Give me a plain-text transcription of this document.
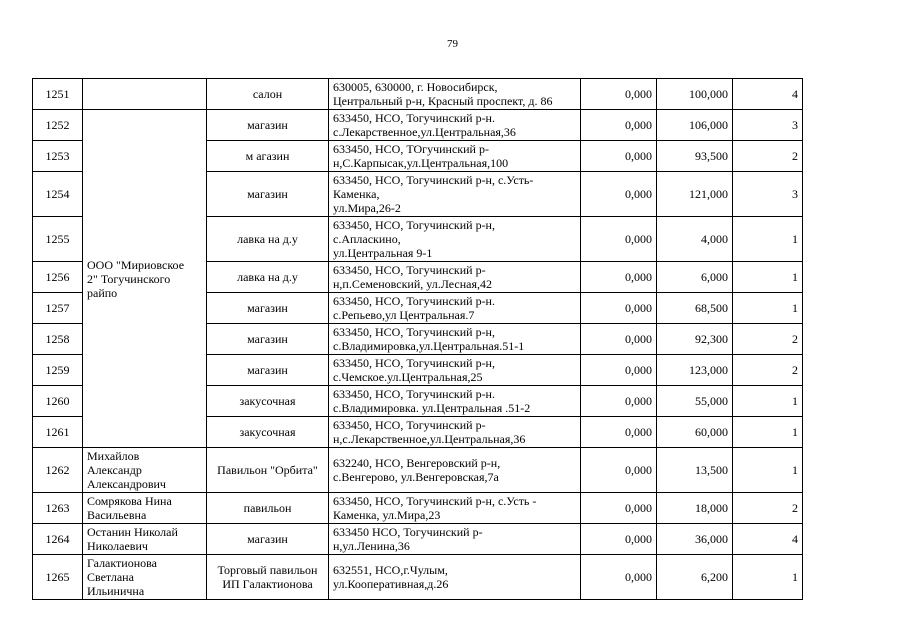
79
1251		салон	630005, 630000, г. Новосибирск,
Центральный р-н, Красный проспект, д. 86	0,000	100,000	4
1252	ООО "Мириовское
2" Тогучинского
райпо	магазин	633450, НСО, Тогучинский р-н.
с.Лекарственное,ул.Центральная,36	0,000	106,000	3
1253		м агазин	633450, НСО, ТОгучинский р-
н,С.Карпысак,ул.Центральная,100	0,000	93,500	2
1254		магазин	633450, НСО, Тогучинский р-н, с.Усть-
Каменка,
ул.Мира,26-2	0,000	121,000	3
1255		лавка на д.у	633450, НСО, Тогучинский р-н,
с.Апласкино,
ул.Центральная 9-1	0,000	4,000	1
1256		лавка на д.у	633450, НСО, Тогучинский р-
н,п.Семеновский, ул.Лесная,42	0,000	6,000	1
1257		магазин	633450, НСО, Тогучинский р-н.
с.Репьево,ул Центральная.7	0,000	68,500	1
1258		магазин	633450, НСО, Тогучинский р-н,
с.Владимировка,ул.Центральная.51-1	0,000	92,300	2
1259		магазин	633450, НСО, Тогучинский р-н,
с.Чемское.ул.Центральная,25	0,000	123,000	2
1260		закусочная	633450, НСО, Тогучинский р-н.
с.Владимировка. ул.Центральная .51-2	0,000	55,000	1
1261		закусочная	633450, НСО, Тогучинский р-
н,с.Лекарственное,ул.Центральная,36	0,000	60,000	1
1262	Михайлов
Александр
Александрович	Павильон "Орбита"	632240, НСО, Венгеровский р-н,
с.Венгерово, ул.Венгеровская,7а	0,000	13,500	1
1263	Сомрякова Нина
Васильевна	павильон	633450, НСО, Тогучинский р-н, с.Усть -
Каменка, ул.Мира,23	0,000	18,000	2
1264	Останин Николай
Николаевич	магазин	633450 НСО, Тогучинский р-
н,ул.Ленина,36	0,000	36,000	4
1265	Галактионова
Светлана
Ильинична	Торговый павильон
ИП Галактионова	632551, НСО,г.Чулым,
ул.Кооперативная,д.26	0,000	6,200	1
